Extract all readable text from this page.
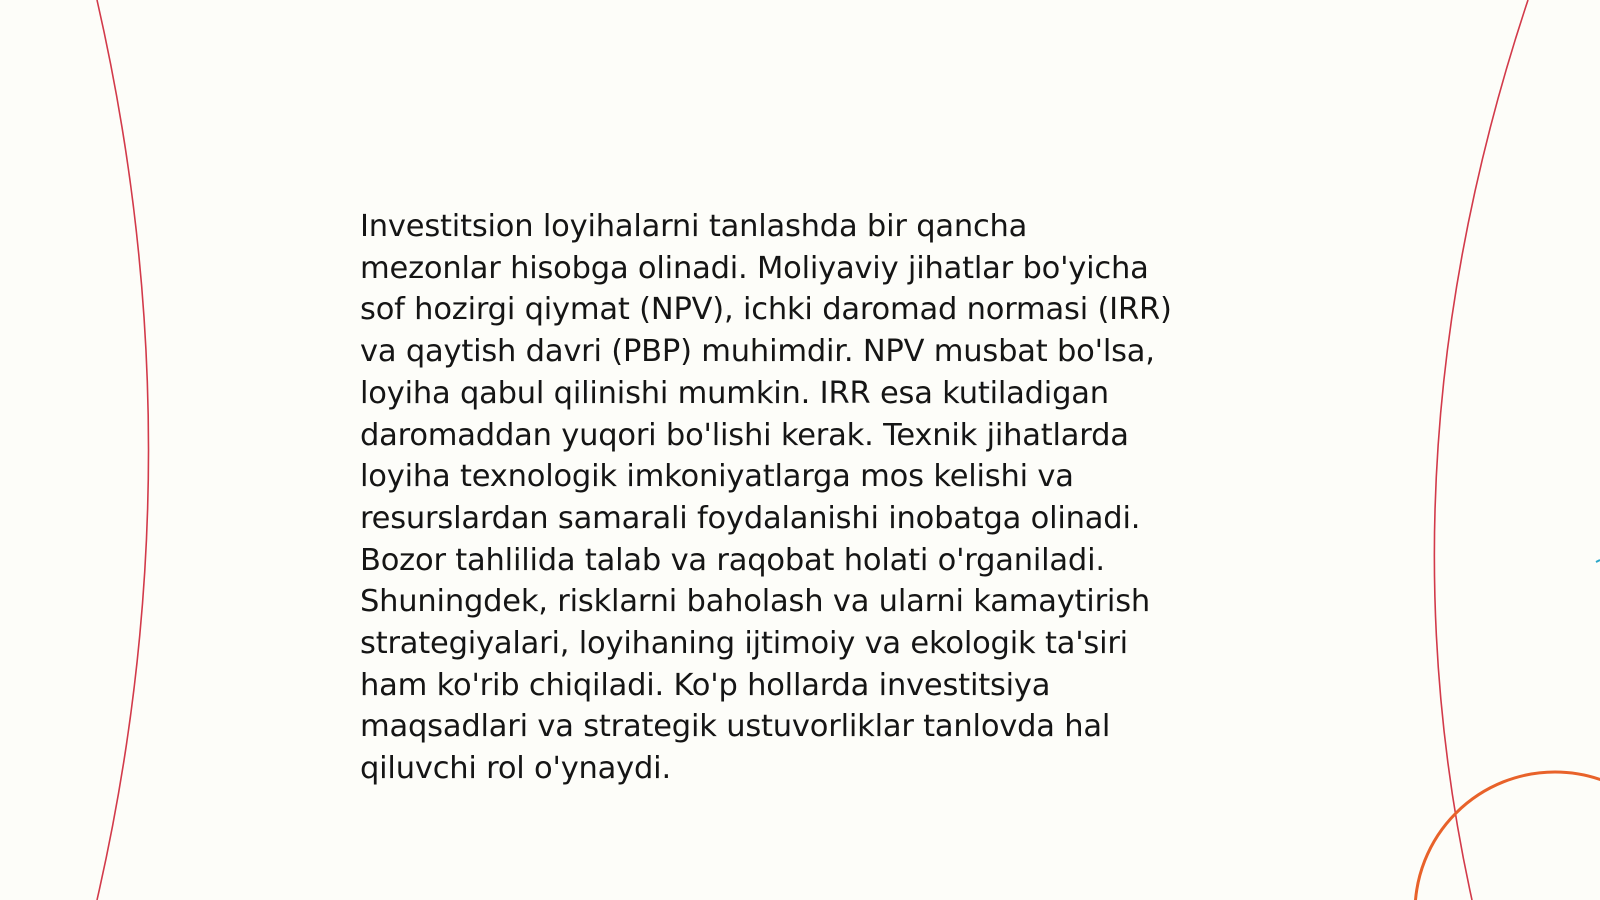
Investitsion loyihalarni tanlashda bir qancha
mezonlar hisobga olinadi. Moliyaviy jihatlar bo'yicha
sof hozirgi qiymat (NPV), ichki daromad normasi (IRR)
va qaytish davri (PBP) muhimdir. NPV musbat bo'lsa,
loyiha qabul qilinishi mumkin. IRR esa kutiladigan
daromaddan yuqori bo'lishi kerak. Texnik jihatlarda
loyiha texnologik imkoniyatlarga mos kelishi va
resurslardan samarali foydalanishi inobatga olinadi.
Bozor tahlilida talab va raqobat holati o'rganiladi.
Shuningdek, risklarni baholash va ularni kamaytirish
strategiyalari, loyihaning ijtimoiy va ekologik ta'siri
ham ko'rib chiqiladi. Ko'p hollarda investitsiya
maqsadlari va strategik ustuvorliklar tanlovda hal
qiluvchi rol o'ynaydi.
